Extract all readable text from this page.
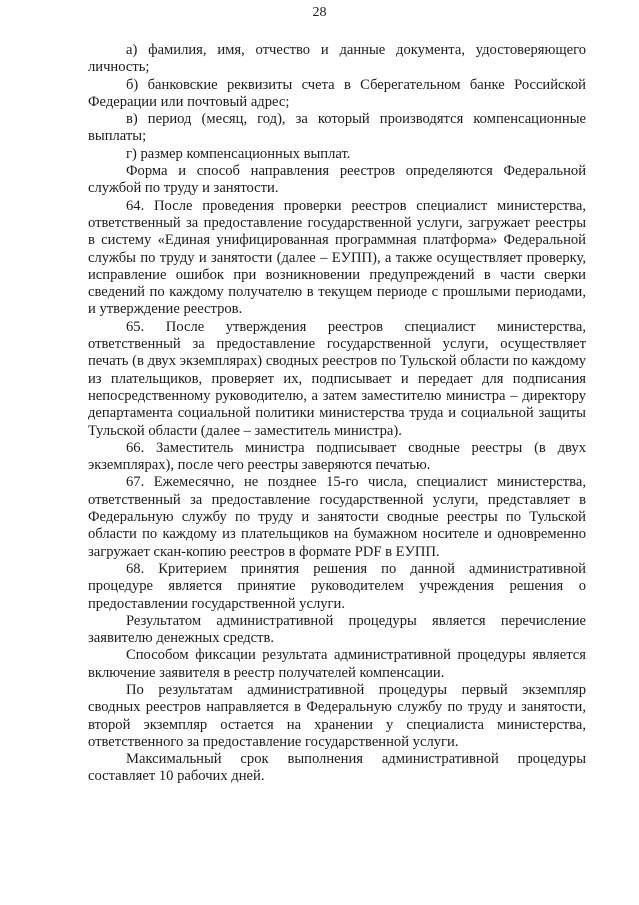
28

а) фамилия, имя, отчество и данные документа, удостоверяющего личность;

б) банковские реквизиты счета в Сберегательном банке Российской Федерации или почтовый адрес;

в) период (месяц, год), за который производятся компенсационные выплаты;

г) размер компенсационных выплат.

Форма и способ направления реестров определяются Федеральной службой по труду и занятости.

64. После проведения проверки реестров специалист министерства, ответственный за предоставление государственной услуги, загружает реестры в систему «Единая унифицированная программная платформа» Федеральной службы по труду и занятости (далее – ЕУПП), а также осуществляет проверку, исправление ошибок при возникновении предупреждений в части сверки сведений по каждому получателю в текущем периоде с прошлыми периодами, и утверждение реестров.

65. После утверждения реестров специалист министерства, ответственный за предоставление государственной услуги, осуществляет печать (в двух экземплярах) сводных реестров по Тульской области по каждому из плательщиков, проверяет их, подписывает и передает для подписания непосредственному руководителю, а затем заместителю министра – директору департамента социальной политики министерства труда и социальной защиты Тульской области (далее – заместитель министра).

66. Заместитель министра подписывает сводные реестры (в двух экземплярах), после чего реестры заверяются печатью.

67. Ежемесячно, не позднее 15-го числа, специалист министерства, ответственный за предоставление государственной услуги, представляет в Федеральную службу по труду и занятости сводные реестры по Тульской области по каждому из плательщиков на бумажном носителе и одновременно загружает скан-копию реестров в формате PDF в ЕУПП.

68. Критерием принятия решения по данной административной процедуре является принятие руководителем учреждения решения о предоставлении государственной услуги.

Результатом административной процедуры является перечисление заявителю денежных средств.

Способом фиксации результата административной процедуры является включение заявителя в реестр получателей компенсации.

По результатам административной процедуры первый экземпляр сводных реестров направляется в Федеральную службу по труду и занятости, второй экземпляр остается на хранении у специалиста министерства, ответственного за предоставление государственной услуги.

Максимальный срок выполнения административной процедуры составляет 10 рабочих дней.
